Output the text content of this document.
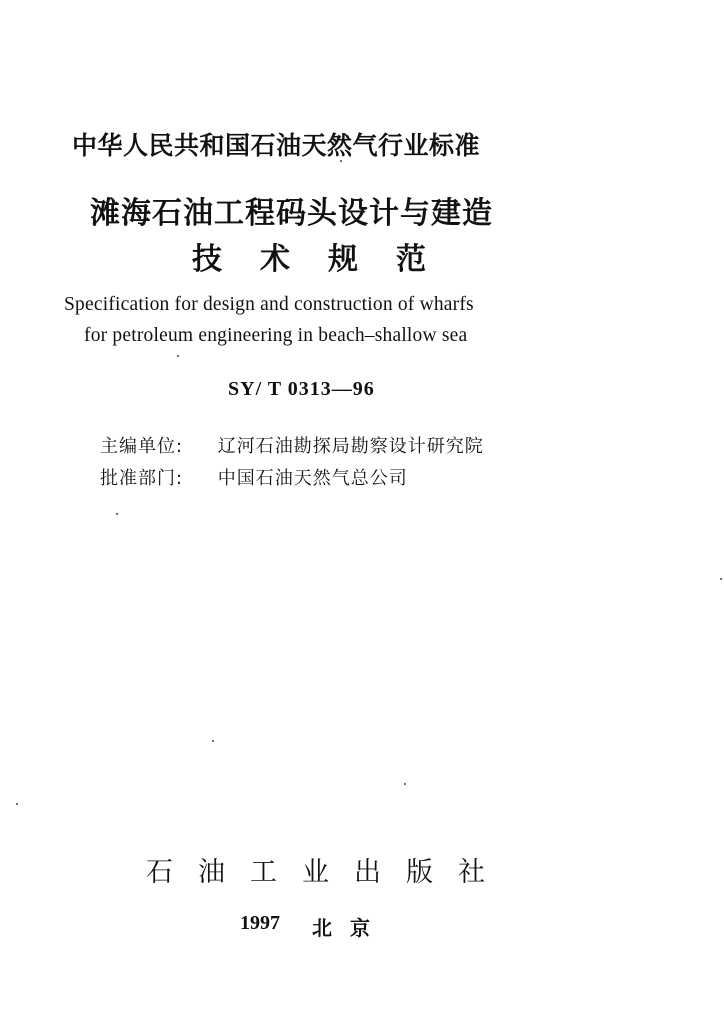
中华人民共和国石油天然气行业标准

滩海石油工程码头设计与建造

技术规范

Specification for design and construction of wharfs

for petroleum engineering in beach–shallow sea

SY/ T 0313—96

主编单位: 辽河石油勘探局勘察设计研究院
批准部门: 中国石油天然气总公司

石油工业出版社

1997 北京
